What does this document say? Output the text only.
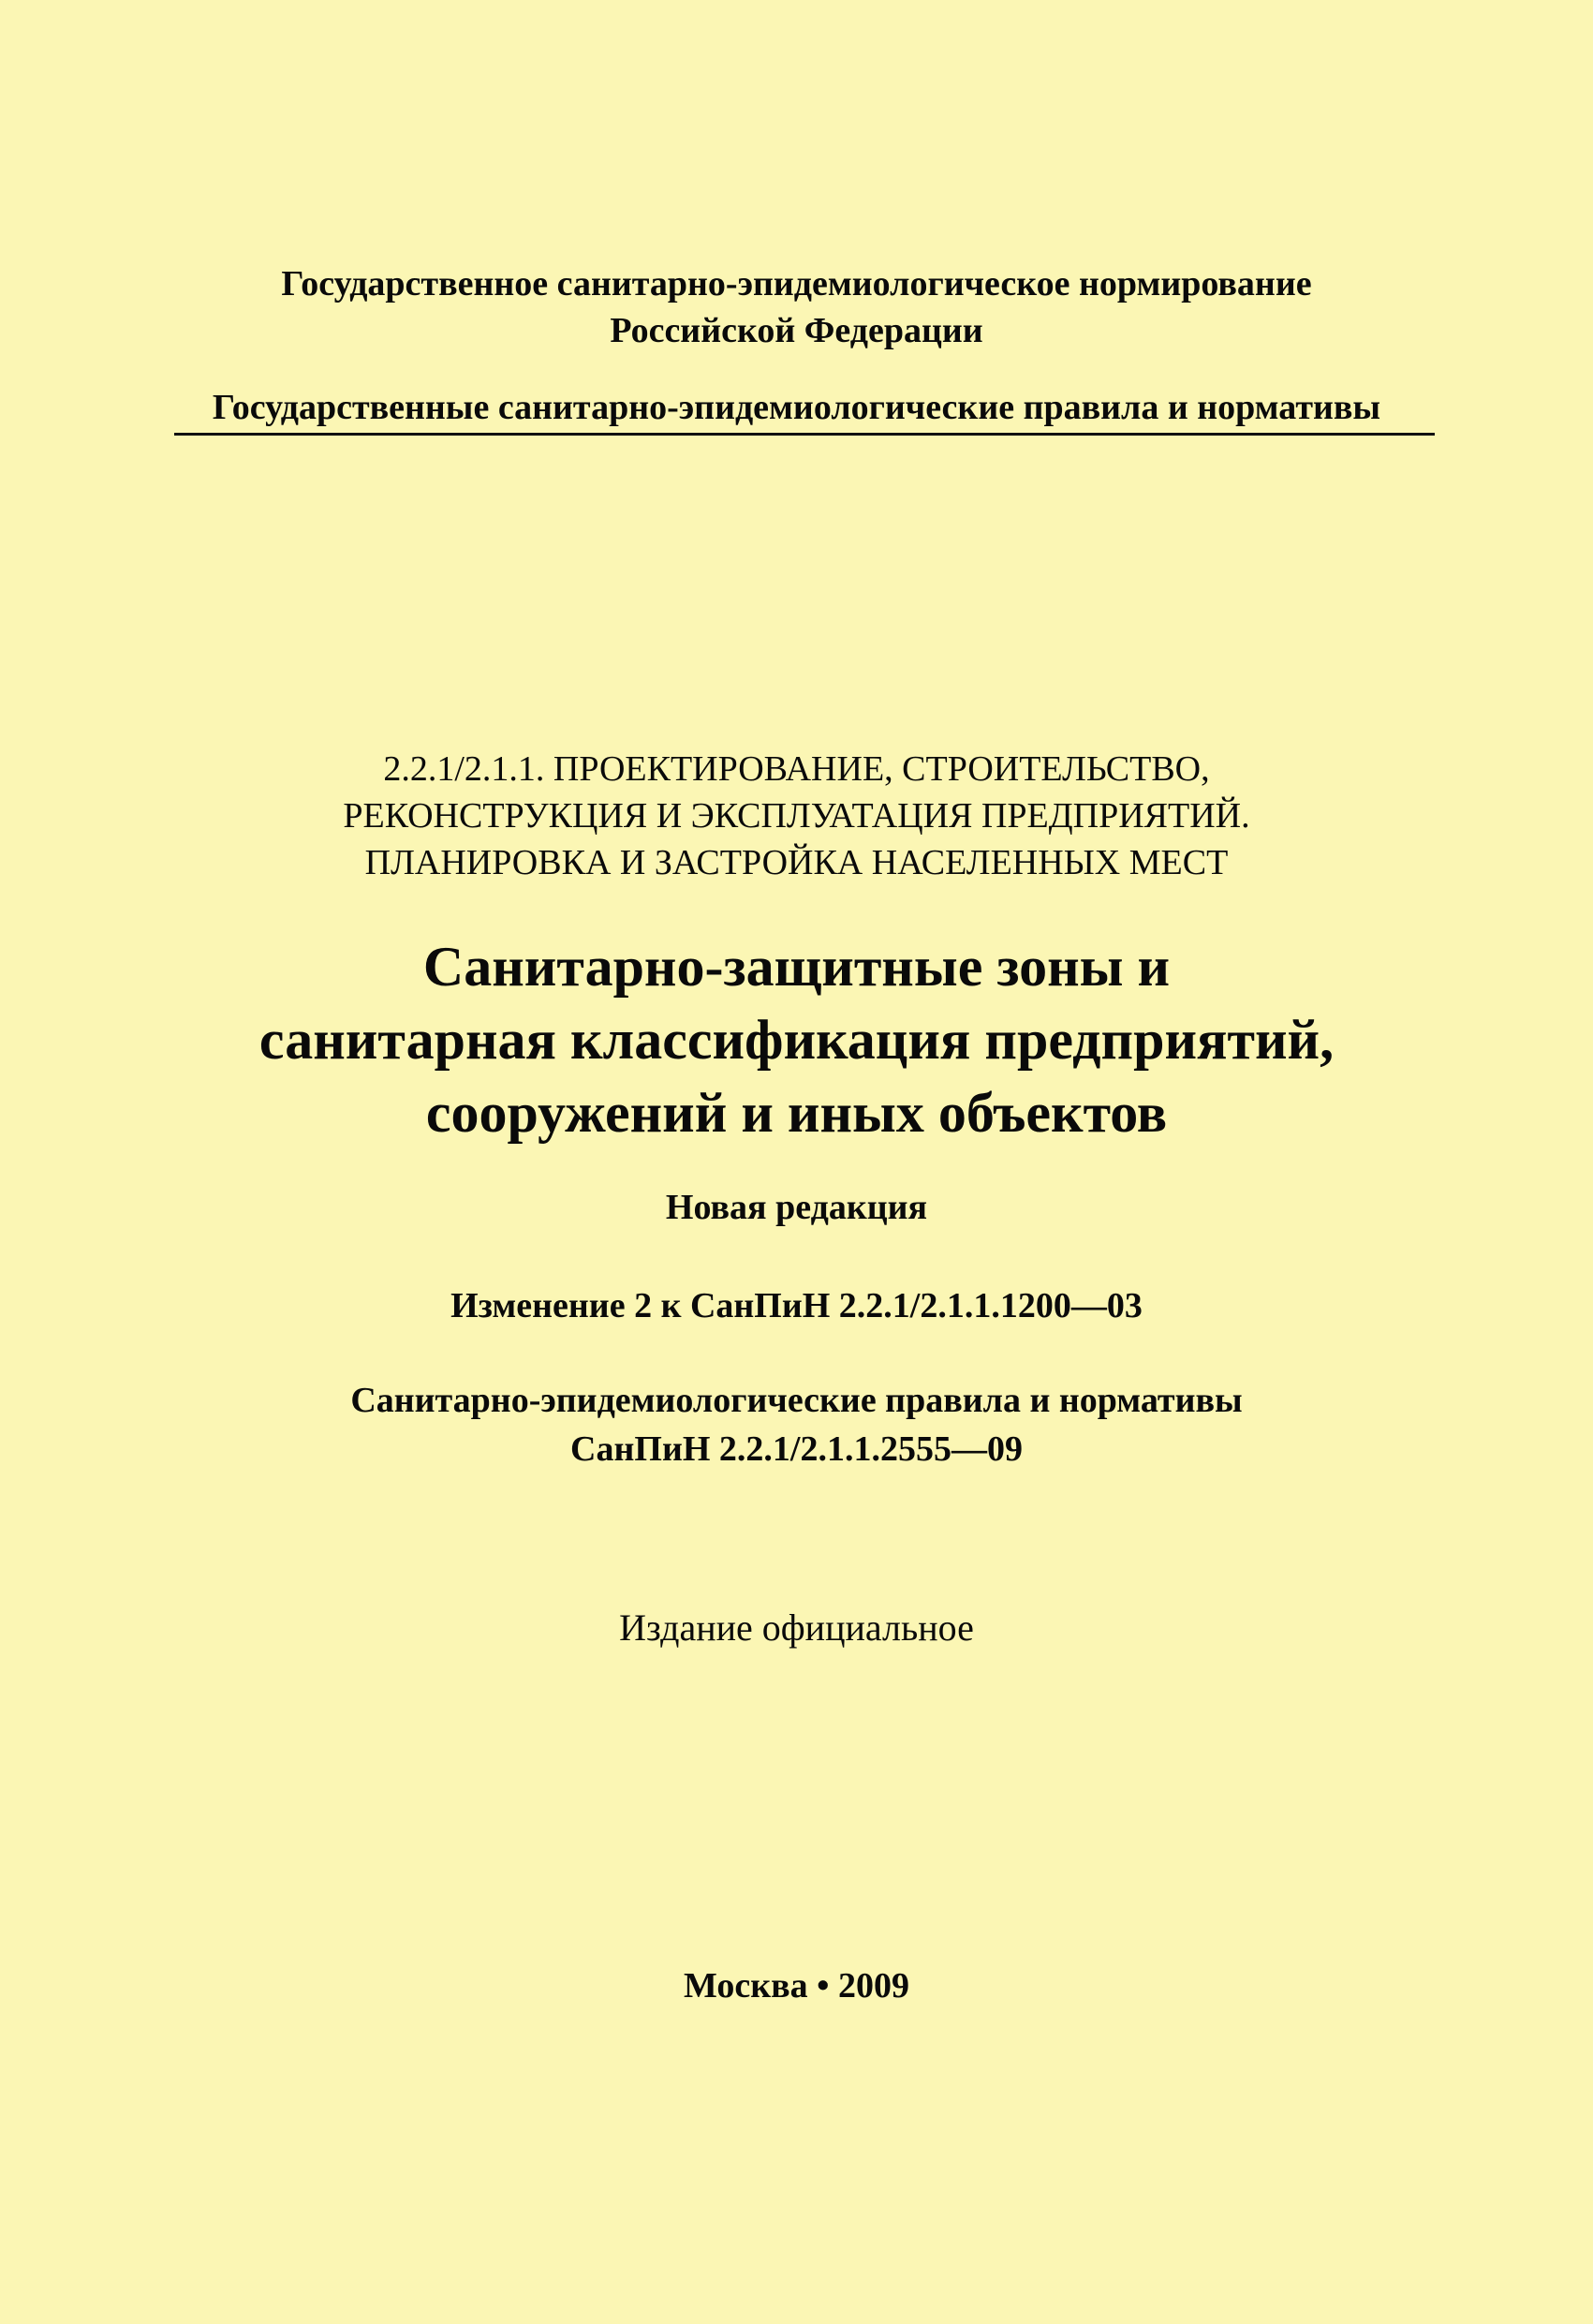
Государственное санитарно-эпидемиологическое нормирование
Российской Федерации
Государственные санитарно-эпидемиологические правила и нормативы
2.2.1/2.1.1. ПРОЕКТИРОВАНИЕ, СТРОИТЕЛЬСТВО,
РЕКОНСТРУКЦИЯ И ЭКСПЛУАТАЦИЯ ПРЕДПРИЯТИЙ.
ПЛАНИРОВКА И ЗАСТРОЙКА НАСЕЛЕННЫХ МЕСТ
Санитарно-защитные зоны и
санитарная классификация предприятий,
сооружений и иных объектов
Новая редакция
Изменение 2 к СанПиН 2.2.1/2.1.1.1200—03
Санитарно-эпидемиологические правила и нормативы
СанПиН 2.2.1/2.1.1.2555—09
Издание официальное
Москва • 2009
